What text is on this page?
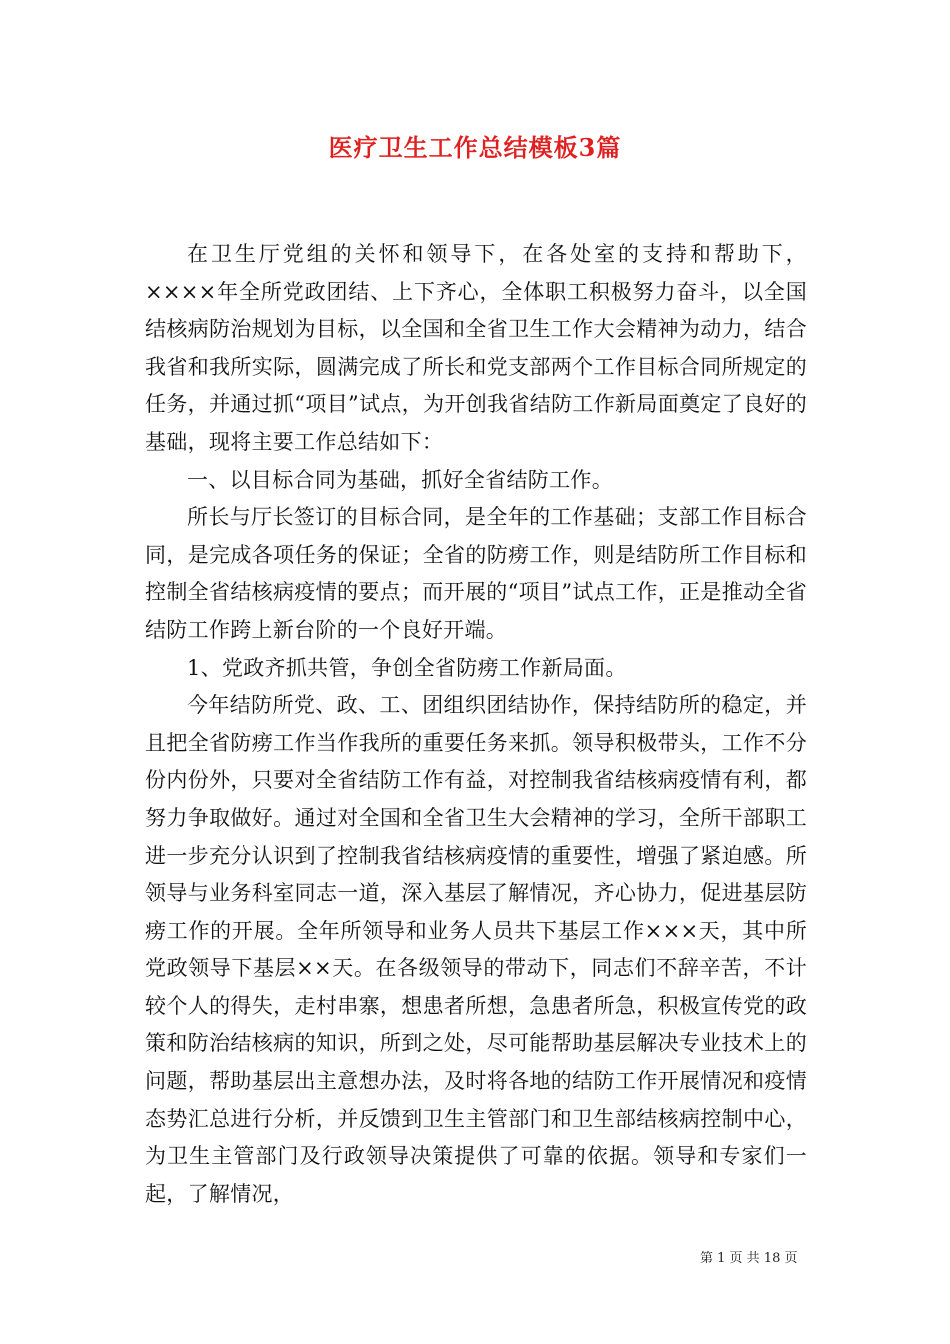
医疗卫生工作总结模板3篇

在卫生厅党组的关怀和领导下，在各处室的支持和帮助下，××××年全所党政团结、上下齐心，全体职工积极努力奋斗，以全国结核病防治规划为目标，以全国和全省卫生工作大会精神为动力，结合我省和我所实际，圆满完成了所长和党支部两个工作目标合同所规定的任务，并通过抓“项目”试点，为开创我省结防工作新局面奠定了良好的基础，现将主要工作总结如下：

一、以目标合同为基础，抓好全省结防工作。

所长与厅长签订的目标合同，是全年的工作基础；支部工作目标合同，是完成各项任务的保证；全省的防痨工作，则是结防所工作目标和控制全省结核病疫情的要点；而开展的“项目”试点工作，正是推动全省结防工作跨上新台阶的一个良好开端。

1、党政齐抓共管，争创全省防痨工作新局面。

今年结防所党、政、工、团组织团结协作，保持结防所的稳定，并且把全省防痨工作当作我所的重要任务来抓。领导积极带头，工作不分份内份外，只要对全省结防工作有益，对控制我省结核病疫情有利，都努力争取做好。通过对全国和全省卫生大会精神的学习，全所干部职工进一步充分认识到了控制我省结核病疫情的重要性，增强了紧迫感。所领导与业务科室同志一道，深入基层了解情况，齐心协力，促进基层防痨工作的开展。全年所领导和业务人员共下基层工作×××天，其中所党政领导下基层××天。在各级领导的带动下，同志们不辞辛苦，不计较个人的得失，走村串寨，想患者所想，急患者所急，积极宣传党的政策和防治结核病的知识，所到之处，尽可能帮助基层解决专业技术上的问题，帮助基层出主意想办法，及时将各地的结防工作开展情况和疫情态势汇总进行分析，并反馈到卫生主管部门和卫生部结核病控制中心，为卫生主管部门及行政领导决策提供了可靠的依据。领导和专家们一起，了解情况，

第 1 页 共 18 页
